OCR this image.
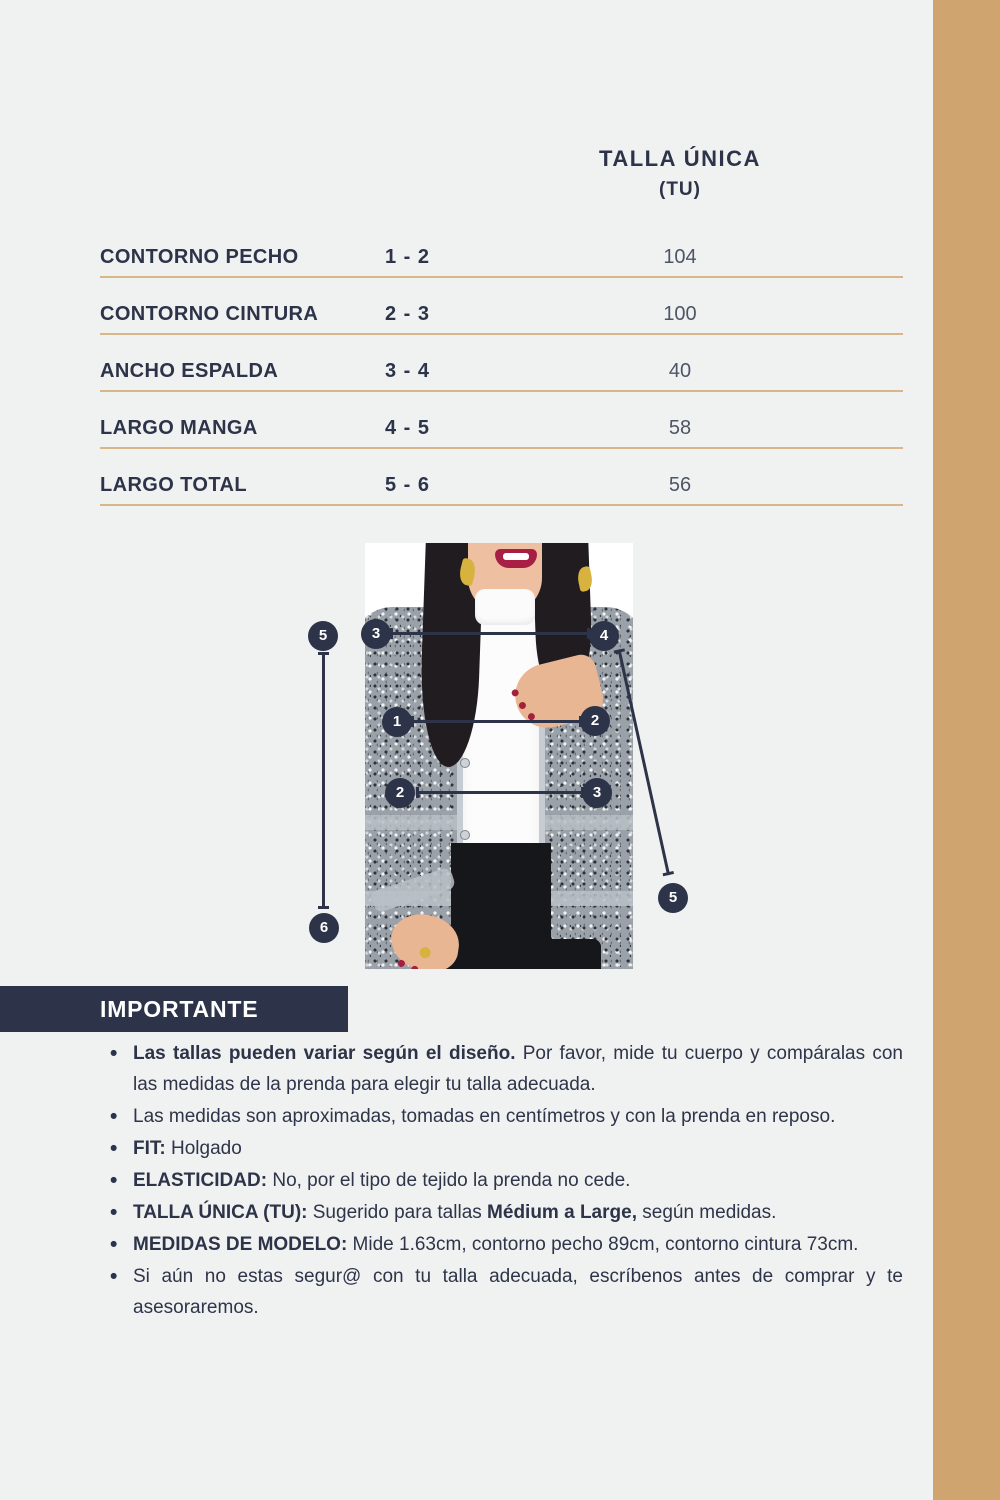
TALLA ÚNICA
(TU)
CONTORNO PECHO	1 - 2	104
CONTORNO CINTURA	2 - 3	100
ANCHO ESPALDA	3 - 4	40
LARGO MANGA	4 - 5	58
LARGO TOTAL	5 - 6	56
5	3	4
1	2
2	3
6
5
IMPORTANTE
• Las tallas pueden variar según el diseño. Por favor, mide tu cuerpo y compáralas con las medidas de la prenda para elegir tu talla adecuada.
• Las medidas son aproximadas, tomadas en centímetros y con la prenda en reposo.
• FIT: Holgado
• ELASTICIDAD: No, por el tipo de tejido la prenda no cede.
• TALLA ÚNICA (TU): Sugerido para tallas Médium a Large, según medidas.
• MEDIDAS DE MODELO: Mide 1.63cm, contorno pecho 89cm, contorno cintura 73cm.
• Si aún no estas segur@ con tu talla adecuada, escríbenos antes de comprar y te asesoraremos.
